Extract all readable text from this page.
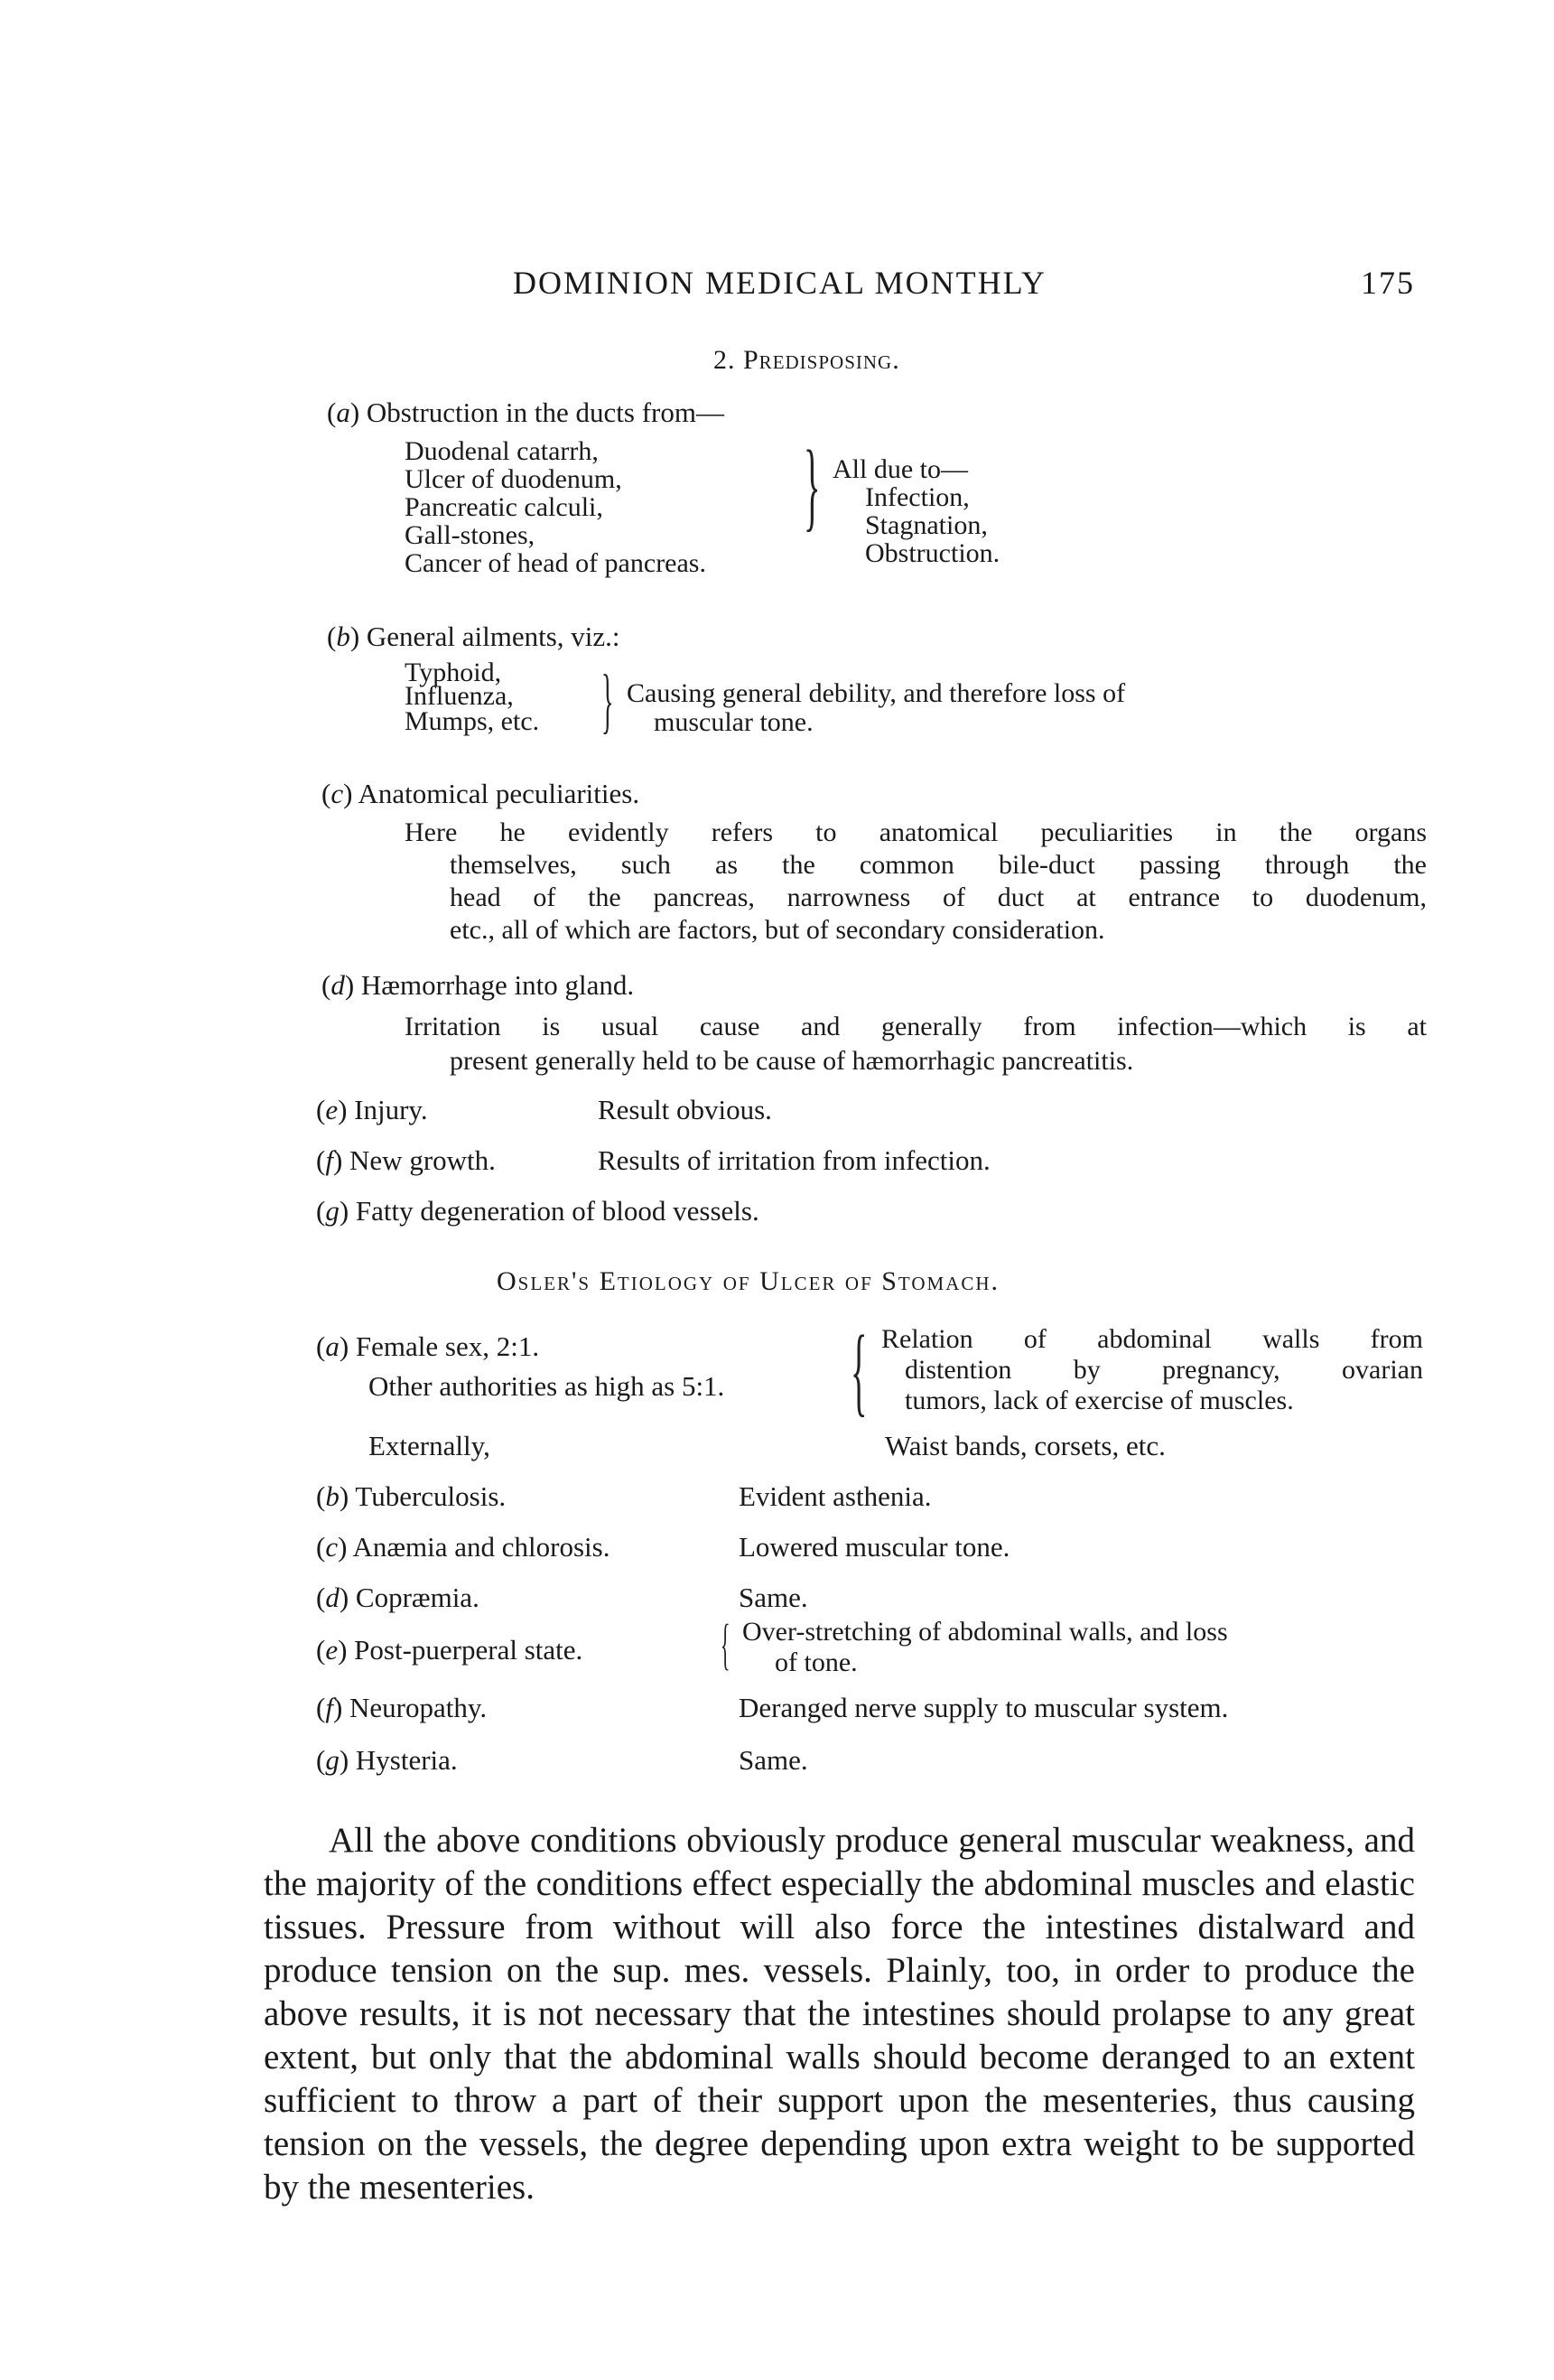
DOMINION MEDICAL MONTHLY	175
2. Predisposing.
(a) Obstruction in the ducts from—
Duodenal catarrh,
Ulcer of duodenum,
Pancreatic calculi,
Gall-stones,
Cancer of head of pancreas.
} All due to—
Infection,
Stagnation,
Obstruction.
(b) General ailments, viz.:
Typhoid,
Influenza,
Mumps, etc. } Causing general debility, and therefore loss of
muscular tone.
(c) Anatomical peculiarities.
Here he evidently refers to anatomical peculiarities in the organs
themselves, such as the common bile-duct passing through the
head of the pancreas, narrowness of duct at entrance to duodenum,
etc., all of which are factors, but of secondary consideration.
(d) Hæmorrhage into gland.
Irritation is usual cause and generally from infection—which is at
present generally held to be cause of hæmorrhagic pancreatitis.
(e) Injury.	Result obvious.
(f) New growth.	Results of irritation from infection.
(g) Fatty degeneration of blood vessels.
Osler's Etiology of Ulcer of Stomach.
(a) Female sex, 2:1.
Other authorities as high as 5:1. { Relation of abdominal walls from
distention by pregnancy, ovarian
tumors, lack of exercise of muscles.
Externally,	Waist bands, corsets, etc.
(b) Tuberculosis.	Evident asthenia.
(c) Anæmia and chlorosis.	Lowered muscular tone.
(d) Copræmia.	Same.
(e) Post-puerperal state. { Over-stretching of abdominal walls, and loss
of tone.
(f) Neuropathy.	Deranged nerve supply to muscular system.
(g) Hysteria.	Same.
All the above conditions obviously produce general muscular weakness, and the majority of the conditions effect especially the abdominal muscles and elastic tissues. Pressure from without will also force the intestines distalward and produce tension on the sup. mes. vessels. Plainly, too, in order to produce the above results, it is not necessary that the intestines should prolapse to any great extent, but only that the abdominal walls should become deranged to an extent sufficient to throw a part of their support upon the mesenteries, thus causing tension on the vessels, the degree depending upon extra weight to be supported by the mesenteries.
